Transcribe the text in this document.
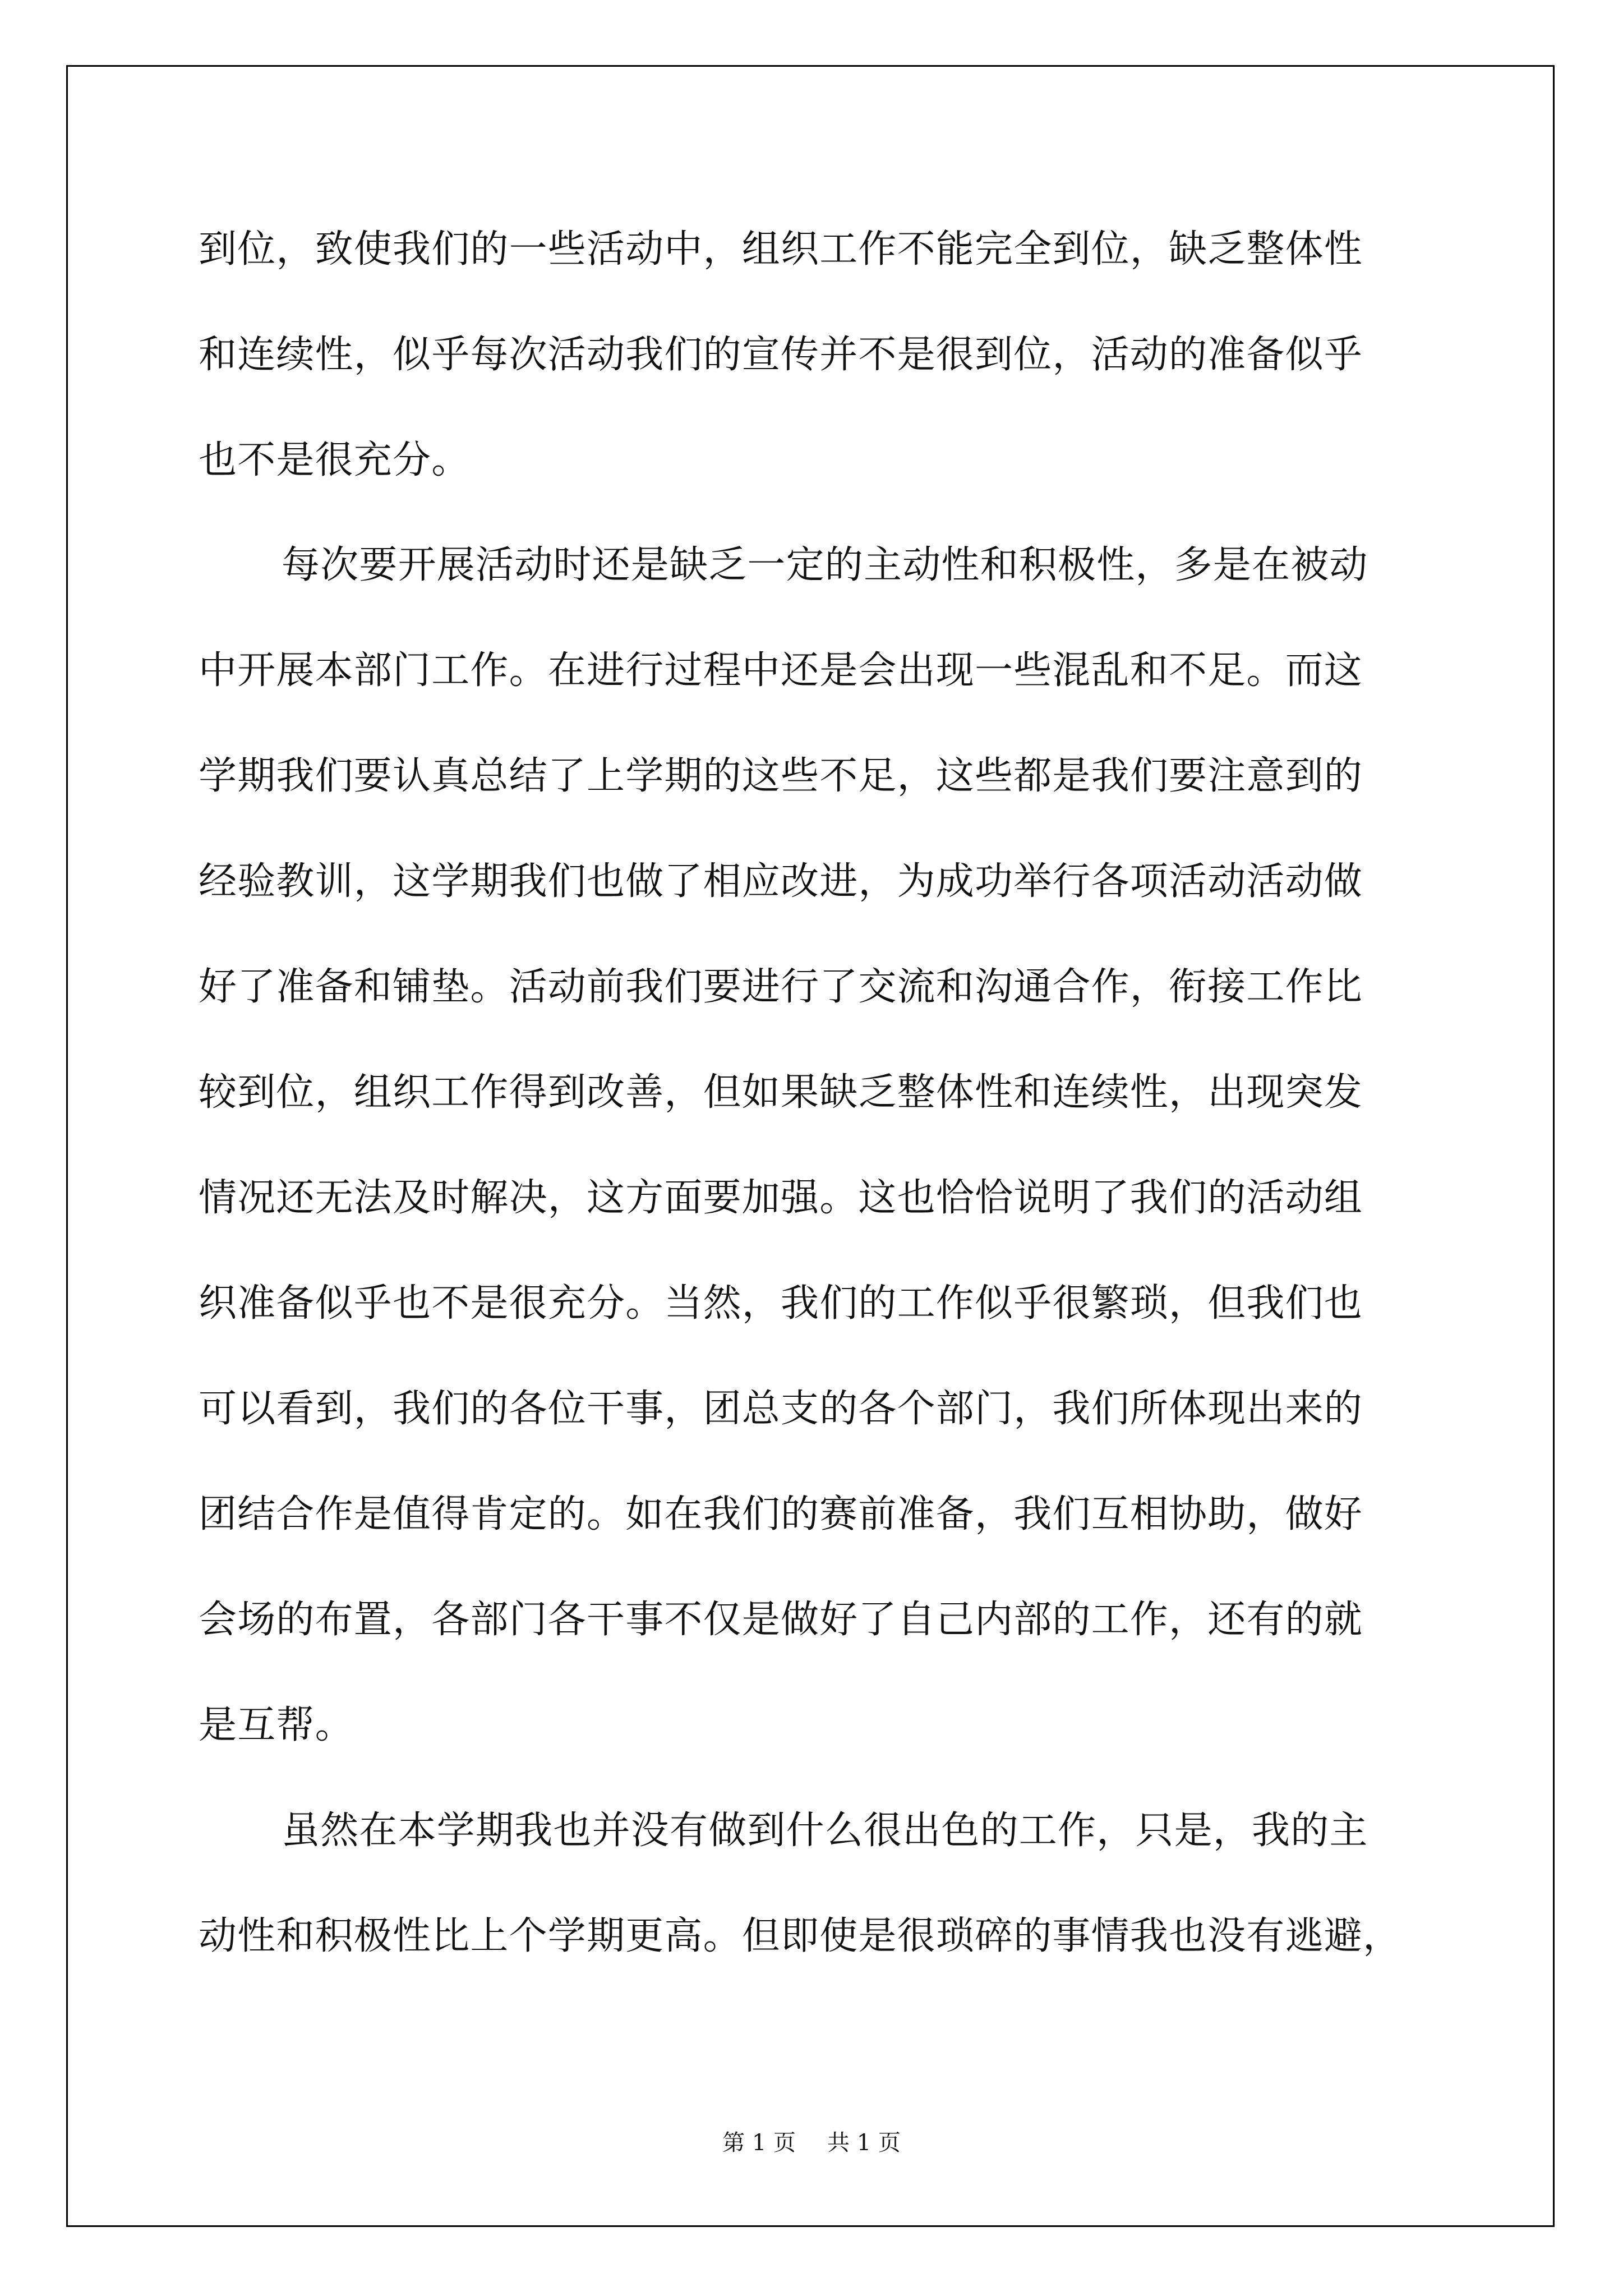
到位，致使我们的一些活动中，组织工作不能完全到位，缺乏整体性
和连续性，似乎每次活动我们的宣传并不是很到位，活动的准备似乎
也不是很充分。
每次要开展活动时还是缺乏一定的主动性和积极性，多是在被动
中开展本部门工作。在进行过程中还是会出现一些混乱和不足。而这
学期我们要认真总结了上学期的这些不足，这些都是我们要注意到的
经验教训，这学期我们也做了相应改进，为成功举行各项活动活动做
好了准备和铺垫。活动前我们要进行了交流和沟通合作，衔接工作比
较到位，组织工作得到改善，但如果缺乏整体性和连续性，出现突发
情况还无法及时解决，这方面要加强。这也恰恰说明了我们的活动组
织准备似乎也不是很充分。当然，我们的工作似乎很繁琐，但我们也
可以看到，我们的各位干事，团总支的各个部门，我们所体现出来的
团结合作是值得肯定的。如在我们的赛前准备，我们互相协助，做好
会场的布置，各部门各干事不仅是做好了自己内部的工作，还有的就
是互帮。
虽然在本学期我也并没有做到什么很出色的工作，只是，我的主
动性和积极性比上个学期更高。但即使是很琐碎的事情我也没有逃避，
第 1 页 共 1 页
